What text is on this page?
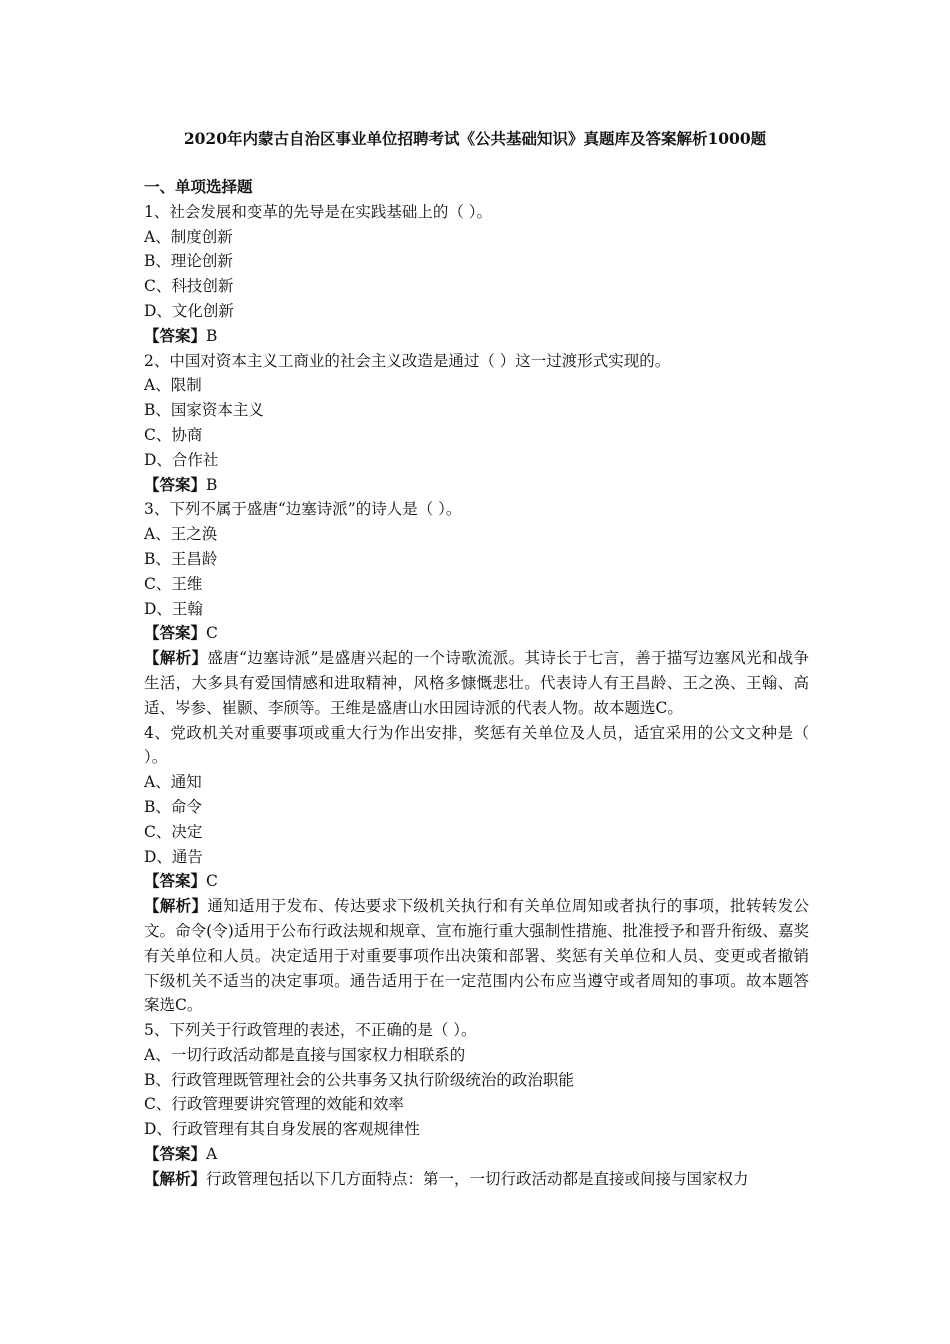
2020年内蒙古自治区事业单位招聘考试《公共基础知识》真题库及答案解析1000题
一、单项选择题
1、社会发展和变革的先导是在实践基础上的（ ）。
A、制度创新
B、理论创新
C、科技创新
D、文化创新
【答案】B
2、中国对资本主义工商业的社会主义改造是通过（ ）这一过渡形式实现的。
A、限制
B、国家资本主义
C、协商
D、合作社
【答案】B
3、下列不属于盛唐“边塞诗派”的诗人是（ ）。
A、王之涣
B、王昌龄
C、王维
D、王翰
【答案】C
【解析】盛唐“边塞诗派”是盛唐兴起的一个诗歌流派。其诗长于七言，善于描写边塞风光和战争生活，大多具有爱国情感和进取精神，风格多慷慨悲壮。代表诗人有王昌龄、王之涣、王翰、高适、岑参、崔颢、李颀等。王维是盛唐山水田园诗派的代表人物。故本题选C。
4、党政机关对重要事项或重大行为作出安排，奖惩有关单位及人员，适宜采用的公文文种是（ ）。
A、通知
B、命令
C、决定
D、通告
【答案】C
【解析】通知适用于发布、传达要求下级机关执行和有关单位周知或者执行的事项，批转转发公文。命令(令)适用于公布行政法规和规章、宣布施行重大强制性措施、批准授予和晋升衔级、嘉奖有关单位和人员。决定适用于对重要事项作出决策和部署、奖惩有关单位和人员、变更或者撤销下级机关不适当的决定事项。通告适用于在一定范围内公布应当遵守或者周知的事项。故本题答案选C。
5、下列关于行政管理的表述，不正确的是（ ）。
A、一切行政活动都是直接与国家权力相联系的
B、行政管理既管理社会的公共事务又执行阶级统治的政治职能
C、行政管理要讲究管理的效能和效率
D、行政管理有其自身发展的客观规律性
【答案】A
【解析】行政管理包括以下几方面特点：第一，一切行政活动都是直接或间接与国家权力
